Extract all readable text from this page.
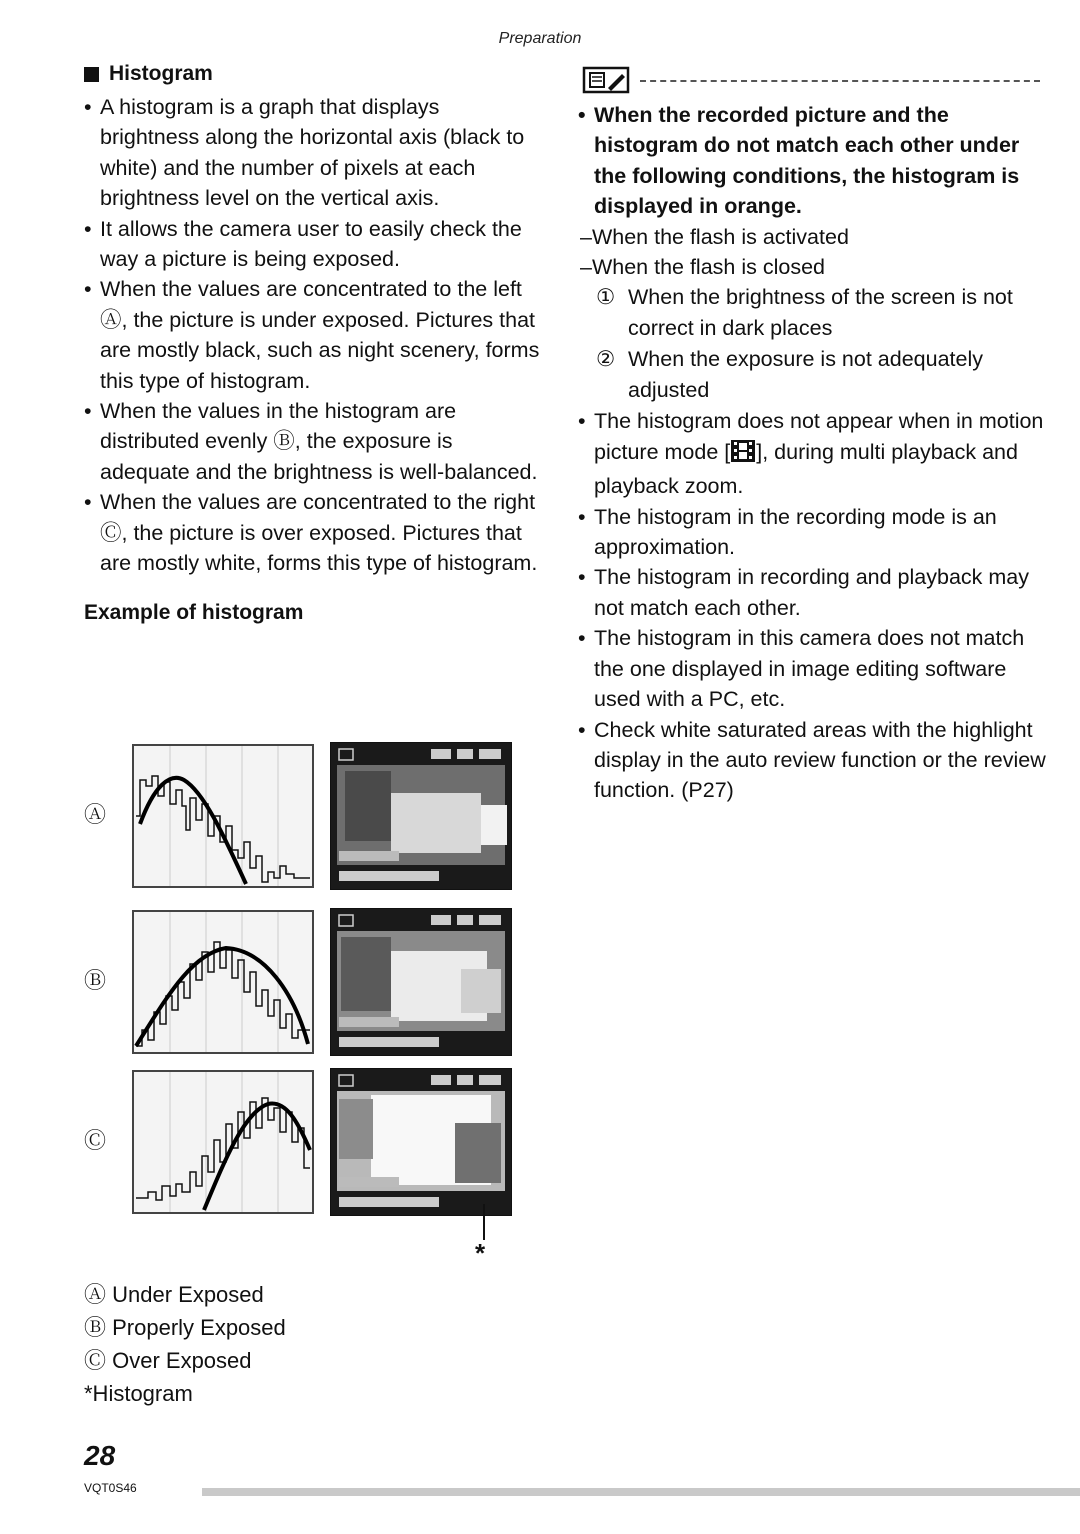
Preparation
Histogram
• A histogram is a graph that displays brightness along the horizontal axis (black to white) and the number of pixels at each brightness level on the vertical axis.
• It allows the camera user to easily check the way a picture is being exposed.
• When the values are concentrated to the left Ⓐ, the picture is under exposed. Pictures that are mostly black, such as night scenery, forms this type of histogram.
• When the values in the histogram are distributed evenly Ⓑ, the exposure is adequate and the brightness is well-balanced.
• When the values are concentrated to the right Ⓒ, the picture is over exposed. Pictures that are mostly white, forms this type of histogram.
Example of histogram
Ⓐ
Ⓑ
Ⓒ
*
Ⓐ Under Exposed
Ⓑ Properly Exposed
Ⓒ Over Exposed
*Histogram
• When the recorded picture and the histogram do not match each other under the following conditions, the histogram is displayed in orange.
–When the flash is activated
–When the flash is closed
① When the brightness of the screen is not correct in dark places
② When the exposure is not adequately adjusted
• The histogram does not appear when in motion picture mode [ ], during multi playback and playback zoom.
• The histogram in the recording mode is an approximation.
• The histogram in recording and playback may not match each other.
• The histogram in this camera does not match the one displayed in image editing software used with a PC, etc.
• Check white saturated areas with the highlight display in the auto review function or the review function. (P27)
28
VQT0S46
